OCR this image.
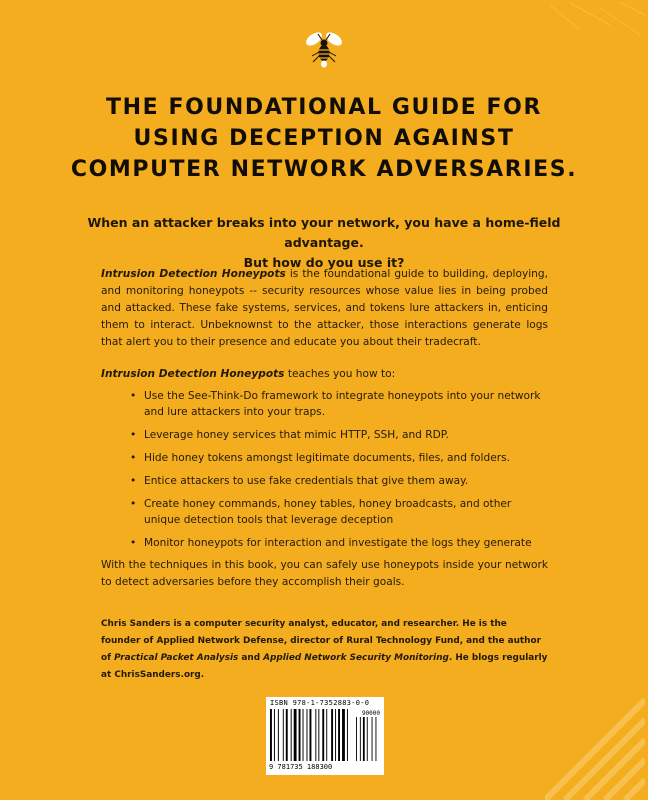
THE FOUNDATIONAL GUIDE FOR
USING DECEPTION AGAINST
COMPUTER NETWORK ADVERSARIES.
When an attacker breaks into your network, you have a home-field advantage.
But how do you use it?
Intrusion Detection Honeypots is the foundational guide to building, deploying, and monitoring honeypots -- security resources whose value lies in being probed and attacked. These fake systems, services, and tokens lure attackers in, enticing them to interact. Unbeknownst to the attacker, those interactions generate logs that alert you to their presence and educate you about their tradecraft.
Intrusion Detection Honeypots teaches you how to:
• Use the See-Think-Do framework to integrate honeypots into your network and lure attackers into your traps.
• Leverage honey services that mimic HTTP, SSH, and RDP.
• Hide honey tokens amongst legitimate documents, files, and folders.
• Entice attackers to use fake credentials that give them away.
• Create honey commands, honey tables, honey broadcasts, and other unique detection tools that leverage deception
• Monitor honeypots for interaction and investigate the logs they generate
With the techniques in this book, you can safely use honeypots inside your network to detect adversaries before they accomplish their goals.
Chris Sanders is a computer security analyst, educator, and researcher. He is the founder of Applied Network Defense, director of Rural Technology Fund, and the author of Practical Packet Analysis and Applied Network Security Monitoring. He blogs regularly at ChrisSanders.org.
ISBN 978-1-7352883-0-0
90000
9 781735 188300
